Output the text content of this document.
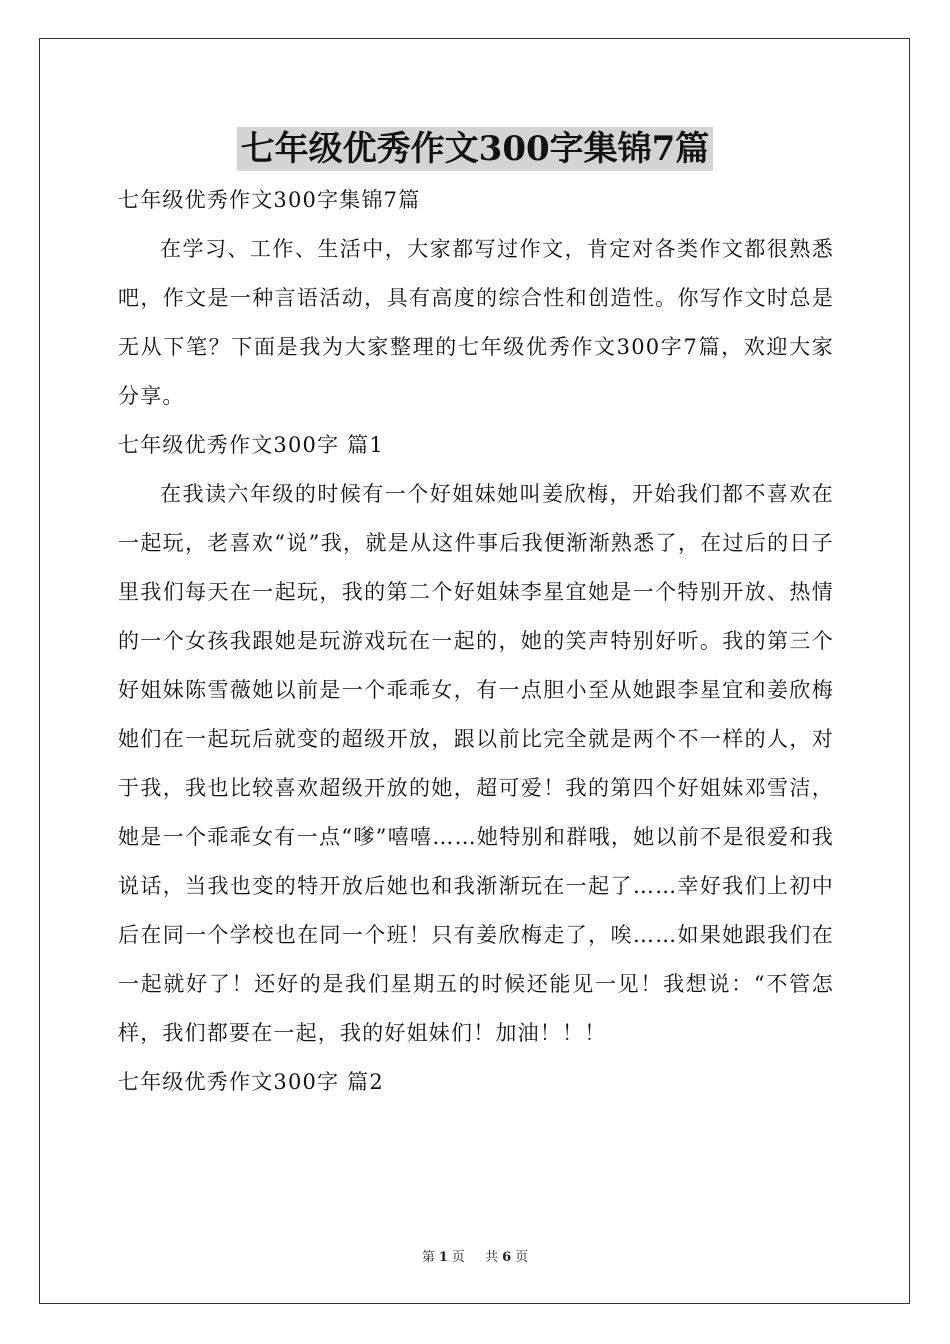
七年级优秀作文300字集锦7篇

七年级优秀作文300字集锦7篇

在学习、工作、生活中，大家都写过作文，肯定对各类作文都很熟悉吧，作文是一种言语活动，具有高度的综合性和创造性。你写作文时总是无从下笔？下面是我为大家整理的七年级优秀作文300字7篇，欢迎大家分享。

七年级优秀作文300字 篇1

在我读六年级的时候有一个好姐妹她叫姜欣梅，开始我们都不喜欢在一起玩，老喜欢“说”我，就是从这件事后我便渐渐熟悉了，在过后的日子里我们每天在一起玩，我的第二个好姐妹李星宜她是一个特别开放、热情的一个女孩我跟她是玩游戏玩在一起的，她的笑声特别好听。我的第三个好姐妹陈雪薇她以前是一个乖乖女，有一点胆小至从她跟李星宜和姜欣梅她们在一起玩后就变的超级开放，跟以前比完全就是两个不一样的人，对于我，我也比较喜欢超级开放的她，超可爱！我的第四个好姐妹邓雪洁，她是一个乖乖女有一点“嗲”嘻嘻……她特别和群哦，她以前不是很爱和我说话，当我也变的特开放后她也和我渐渐玩在一起了……幸好我们上初中后在同一个学校也在同一个班！只有姜欣梅走了，唉……如果她跟我们在一起就好了！还好的是我们星期五的时候还能见一见！我想说：“不管怎样，我们都要在一起，我的好姐妹们！加油！！！

七年级优秀作文300字 篇2

第 1 页 共 6 页
